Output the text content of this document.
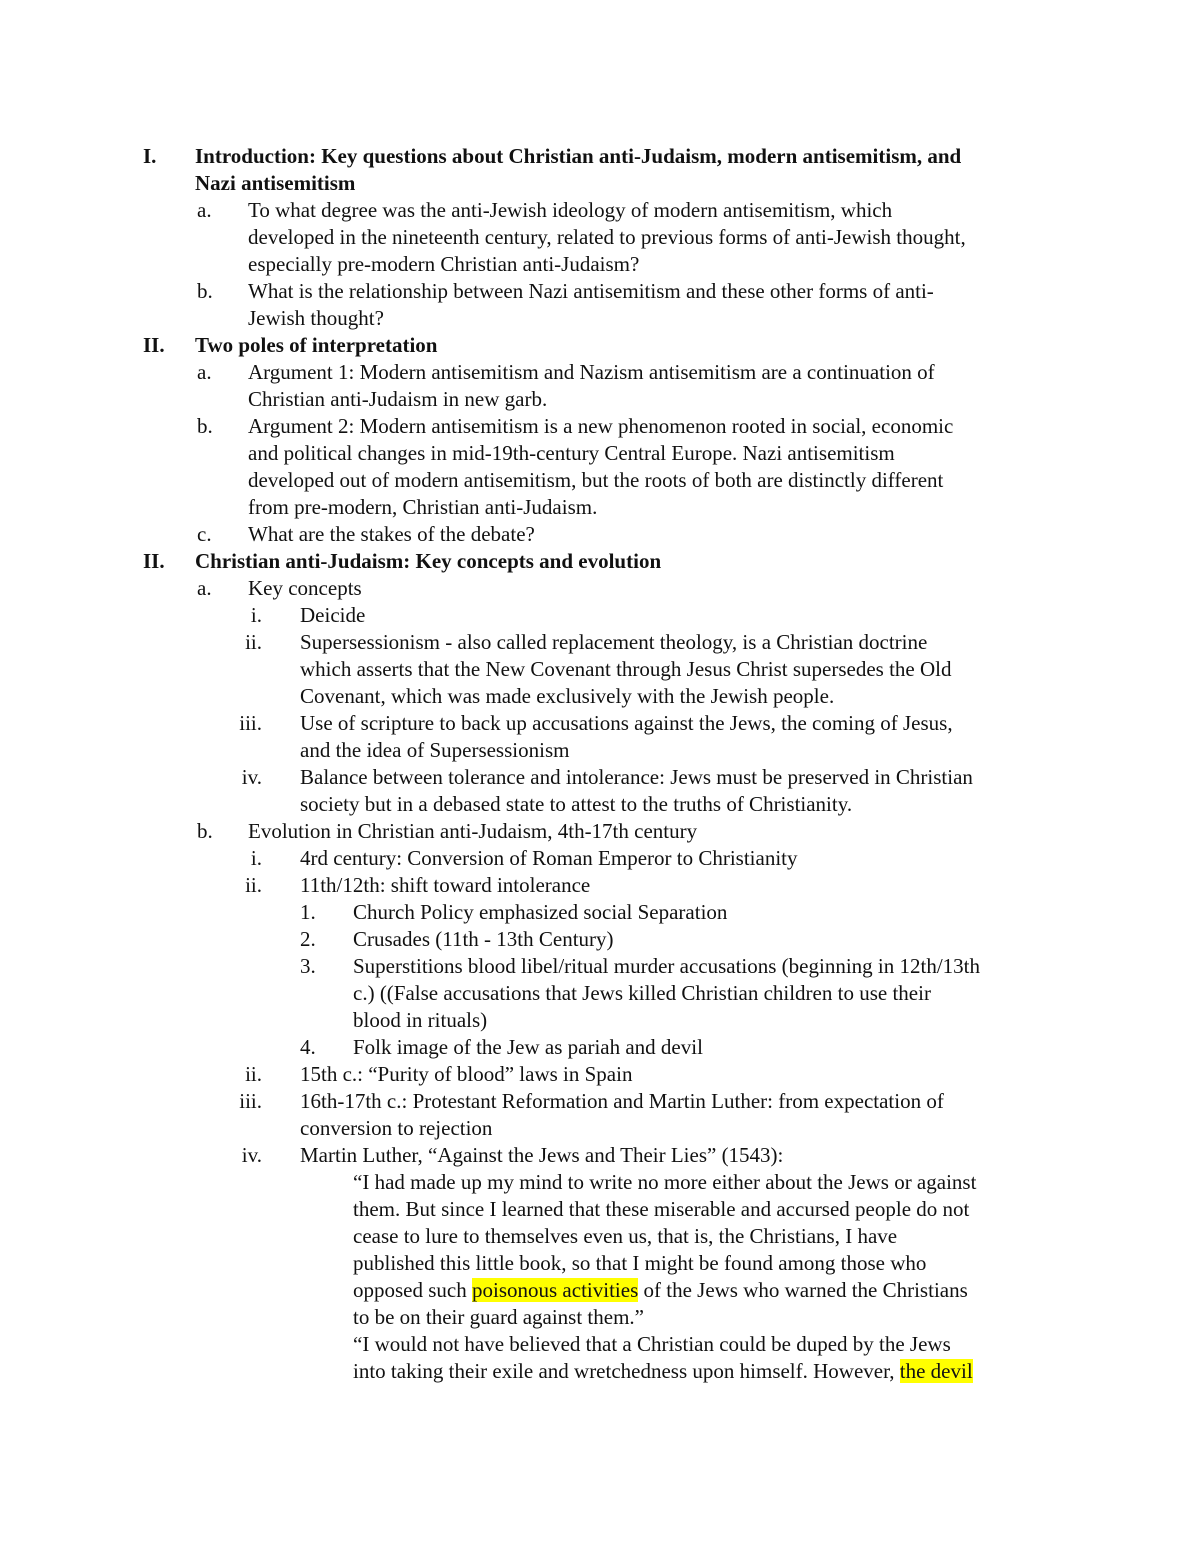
I. Introduction: Key questions about Christian anti-Judaism, modern antisemitism, and
Nazi antisemitism
a. To what degree was the anti-Jewish ideology of modern antisemitism, which
developed in the nineteenth century, related to previous forms of anti-Jewish thought,
especially pre-modern Christian anti-Judaism?
b. What is the relationship between Nazi antisemitism and these other forms of anti-
Jewish thought?
II. Two poles of interpretation
a. Argument 1: Modern antisemitism and Nazism antisemitism are a continuation of
Christian anti-Judaism in new garb.
b. Argument 2: Modern antisemitism is a new phenomenon rooted in social, economic
and political changes in mid-19th-century Central Europe. Nazi antisemitism
developed out of modern antisemitism, but the roots of both are distinctly different
from pre-modern, Christian anti-Judaism.
c. What are the stakes of the debate?
II. Christian anti-Judaism: Key concepts and evolution
a. Key concepts
i. Deicide
ii. Supersessionism - also called replacement theology, is a Christian doctrine
which asserts that the New Covenant through Jesus Christ supersedes the Old
Covenant, which was made exclusively with the Jewish people.
iii. Use of scripture to back up accusations against the Jews, the coming of Jesus,
and the idea of Supersessionism
iv. Balance between tolerance and intolerance: Jews must be preserved in Christian
society but in a debased state to attest to the truths of Christianity.
b. Evolution in Christian anti-Judaism, 4th-17th century
i. 4rd century: Conversion of Roman Emperor to Christianity
ii. 11th/12th: shift toward intolerance
1. Church Policy emphasized social Separation
2. Crusades (11th - 13th Century)
3. Superstitions blood libel/ritual murder accusations (beginning in 12th/13th
c.) ((False accusations that Jews killed Christian children to use their
blood in rituals)
4. Folk image of the Jew as pariah and devil
ii. 15th c.: “Purity of blood” laws in Spain
iii. 16th-17th c.: Protestant Reformation and Martin Luther: from expectation of
conversion to rejection
iv. Martin Luther, “Against the Jews and Their Lies” (1543):
“I had made up my mind to write no more either about the Jews or against
them. But since I learned that these miserable and accursed people do not
cease to lure to themselves even us, that is, the Christians, I have
published this little book, so that I might be found among those who
opposed such poisonous activities of the Jews who warned the Christians
to be on their guard against them.”
“I would not have believed that a Christian could be duped by the Jews
into taking their exile and wretchedness upon himself. However, the devil
